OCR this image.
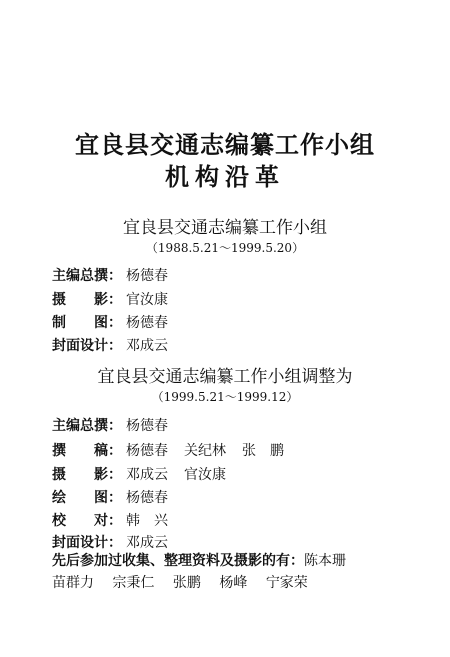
宜良县交通志编纂工作小组
机构沿革
宜良县交通志编纂工作小组
（1988.5.21～1999.5.20）
主编总撰： 杨德春
摄　　影： 官汝康
制　　图： 杨德春
封面设计： 邓成云
宜良县交通志编纂工作小组调整为
（1999.5.21～1999.12）
主编总撰： 杨德春
撰　　稿： 杨德春 关纪林 张　鹏
摄　　影： 邓成云 官汝康
绘　　图： 杨德春
校　　对： 韩　兴
封面设计： 邓成云
先后参加过收集、整理资料及摄影的有：陈本珊
苗群力 宗秉仁 张鹏 杨峰 宁家荣
